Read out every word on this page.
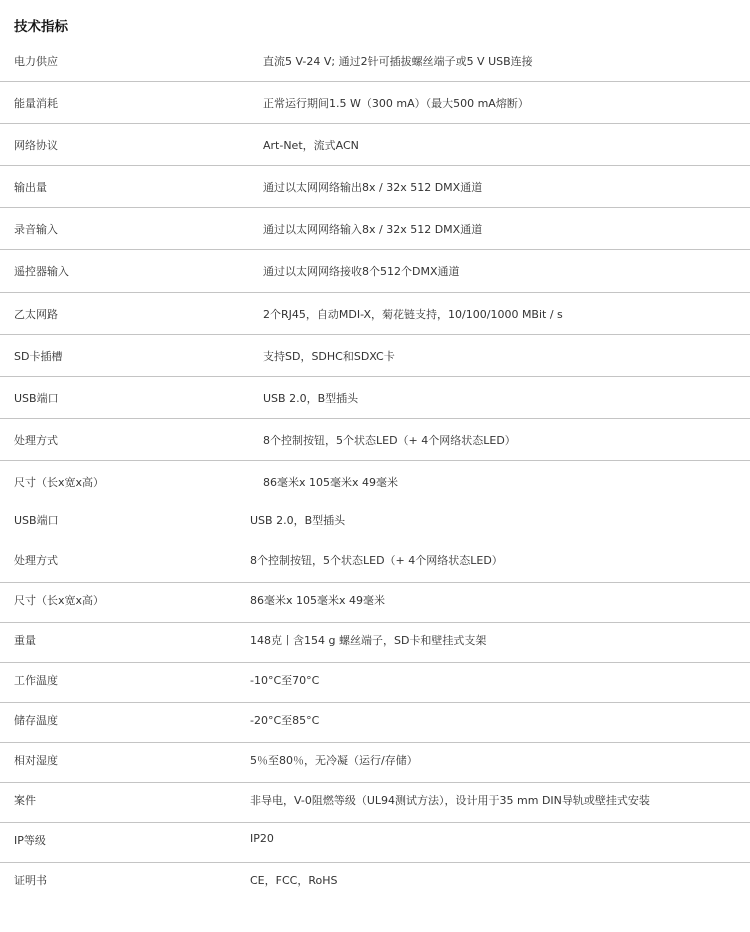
技术指标
电力供应	直流5 V-24 V; 通过2针可插拔螺丝端子或5 V USB连接
能量消耗	正常运行期间1.5 W（300 mA）（最大500 mA熔断）
网络协议	Art-Net，流式ACN
输出量	通过以太网网络输出8x / 32x 512 DMX通道
录音输入	通过以太网网络输入8x / 32x 512 DMX通道
遥控器输入	通过以太网网络接收8个512个DMX通道
乙太网路	2个RJ45，自动MDI-X，菊花链支持，10/100/1000 MBit / s
SD卡插槽	支持SD，SDHC和SDXC卡
USB端口	USB 2.0，B型插头
处理方式	8个控制按钮，5个状态LED（+ 4个网络状态LED）
尺寸（长x宽x高）	86毫米x 105毫米x 49毫米
USB端口	USB 2.0，B型插头
处理方式	8个控制按钮，5个状态LED（+ 4个网络状态LED）
尺寸（长x宽x高）	86毫米x 105毫米x 49毫米
重量	148克丨含154 g 螺丝端子，SD卡和壁挂式支架
工作温度	-10°C至70°C
储存温度	-20°C至85°C
相对湿度	5％至80％，无冷凝（运行/存储）
案件	非导电，V-0阻燃等级（UL94测试方法），设计用于35 mm DIN导轨或壁挂式安装
IP等级	IP20
证明书	CE，FCC，RoHS
